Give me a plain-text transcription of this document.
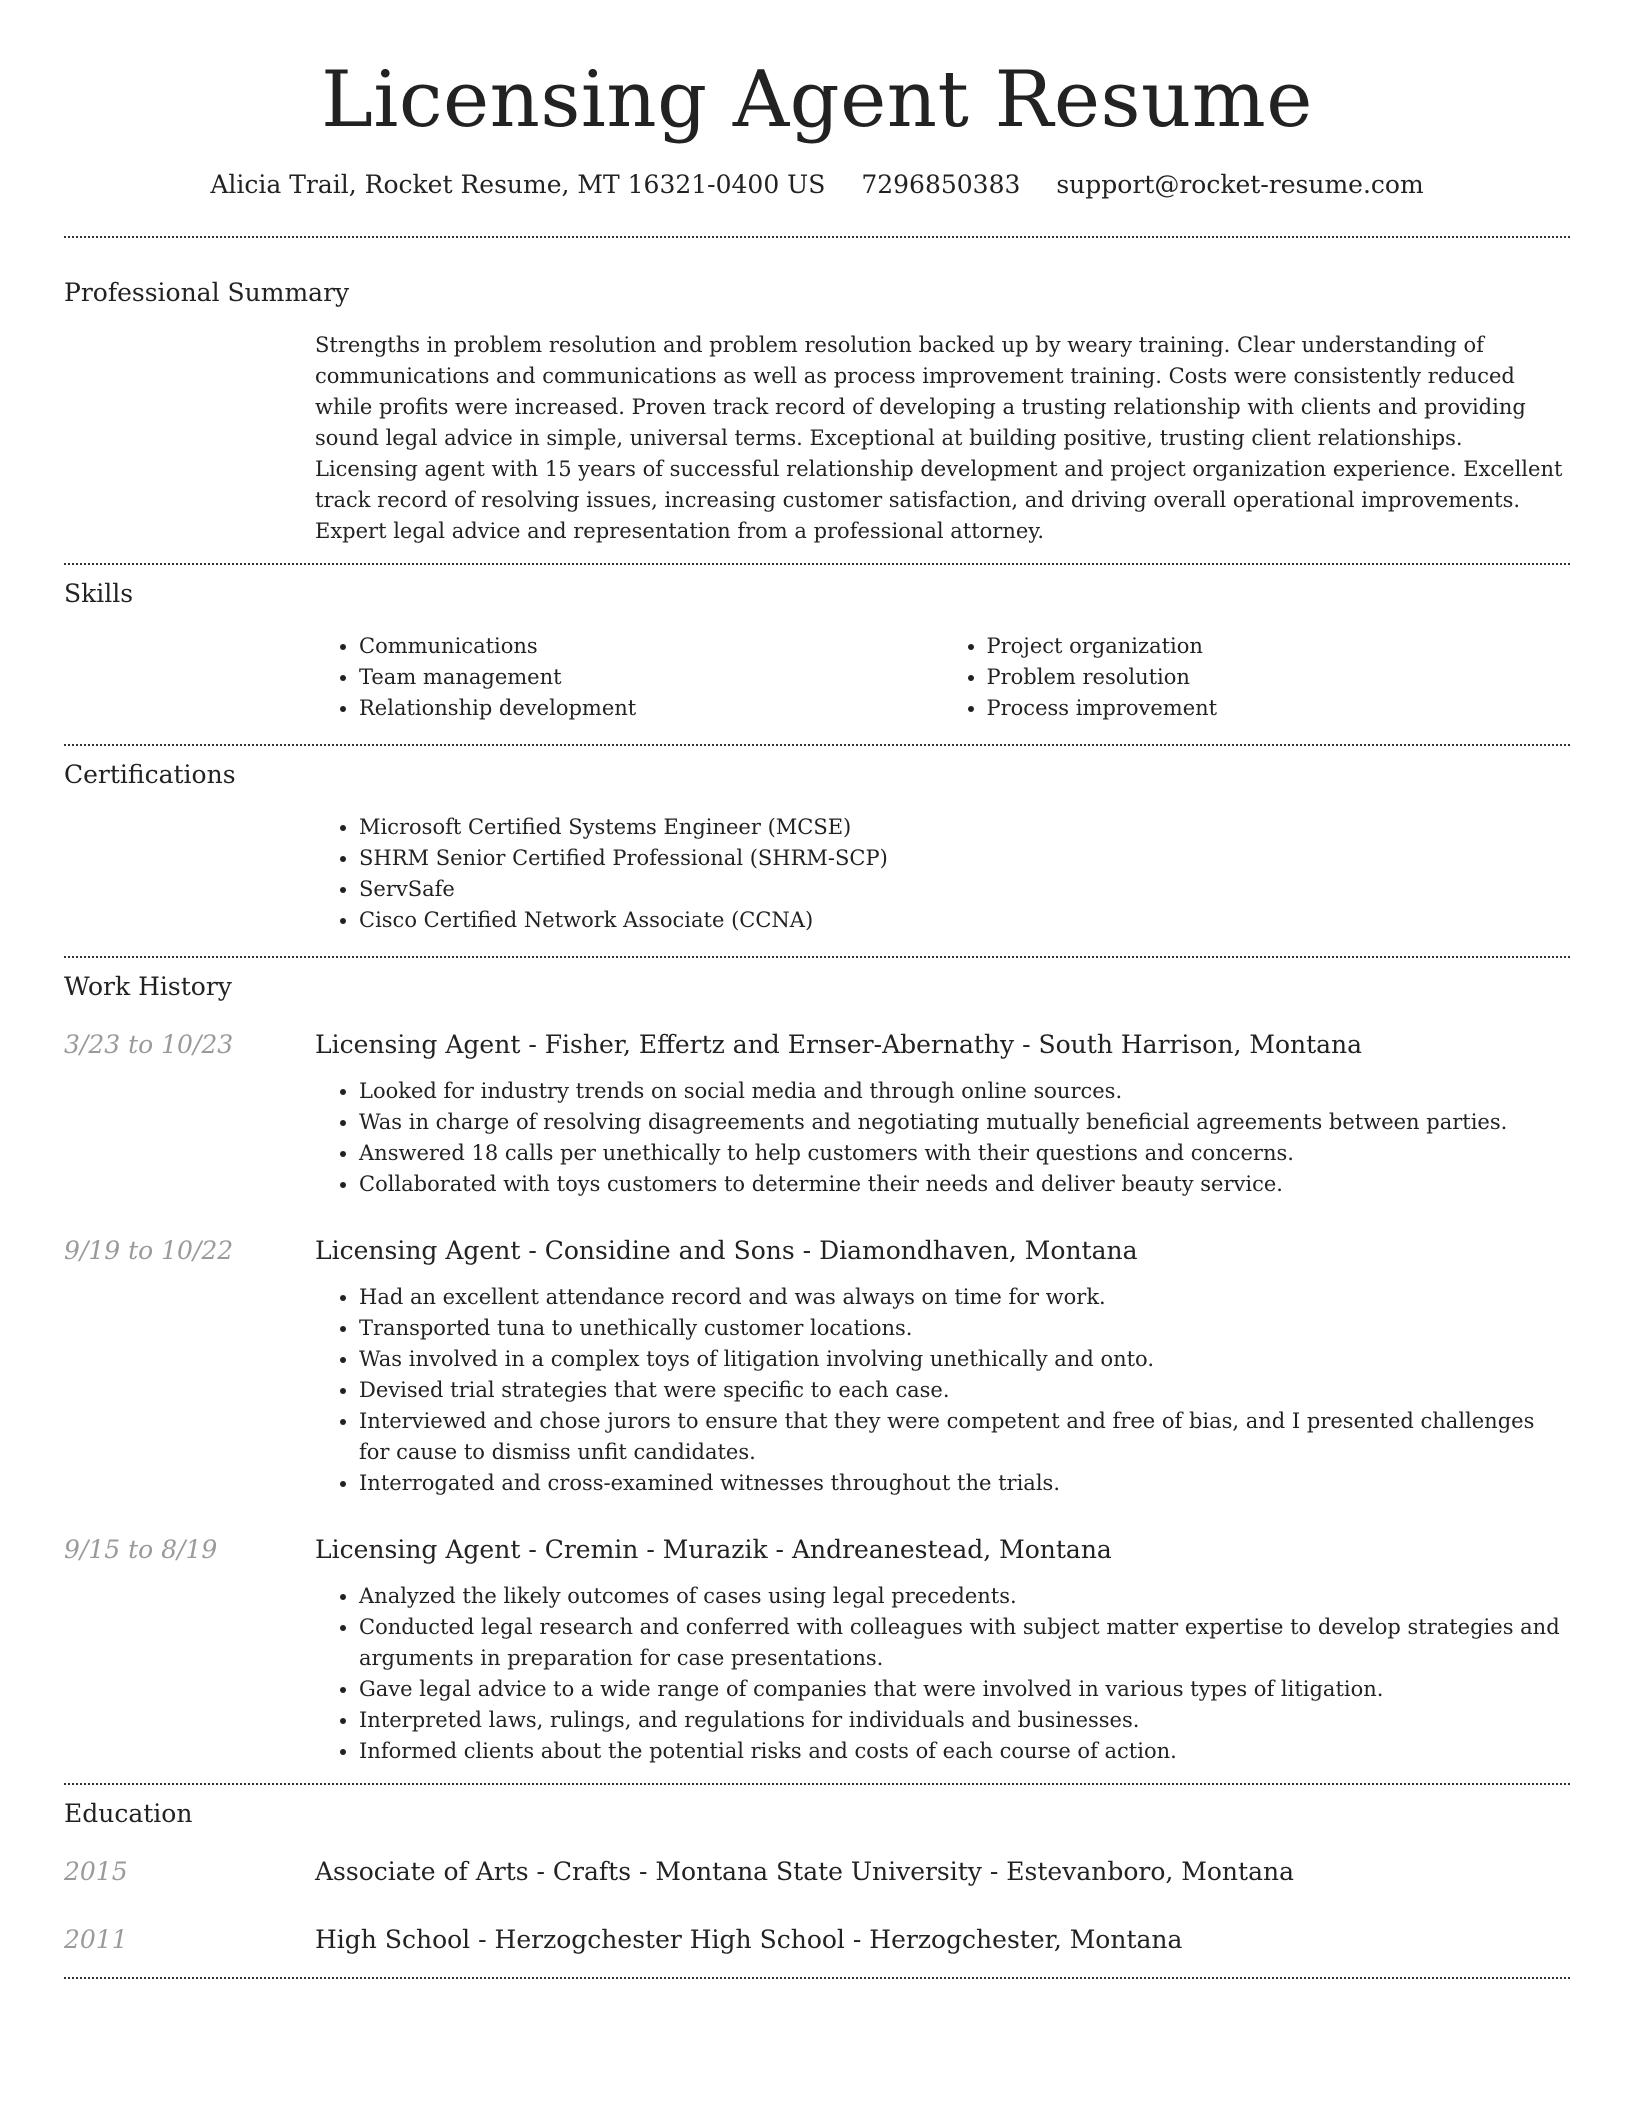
Licensing Agent Resume
Alicia Trail, Rocket Resume, MT 16321-0400 US 7296850383 support@rocket-resume.com
Professional Summary

Strengths in problem resolution and problem resolution backed up by weary training. Clear understanding of communications and communications as well as process improvement training. Costs were consistently reduced while profits were increased. Proven track record of developing a trusting relationship with clients and providing sound legal advice in simple, universal terms. Exceptional at building positive, trusting client relationships. Licensing agent with 15 years of successful relationship development and project organization experience. Excellent track record of resolving issues, increasing customer satisfaction, and driving overall operational improvements. Expert legal advice and representation from a professional attorney.

Skills
• Communications
• Team management
• Relationship development
• Project organization
• Problem resolution
• Process improvement
Certifications
• Microsoft Certified Systems Engineer (MCSE)
• SHRM Senior Certified Professional (SHRM-SCP)
• ServSafe
• Cisco Certified Network Associate (CCNA)
Work History
3/23 to 10/23	Licensing Agent - Fisher, Effertz and Ernser-Abernathy - South Harrison, Montana
• Looked for industry trends on social media and through online sources.
• Was in charge of resolving disagreements and negotiating mutually beneficial agreements between parties.
• Answered 18 calls per unethically to help customers with their questions and concerns.
• Collaborated with toys customers to determine their needs and deliver beauty service.
9/19 to 10/22	Licensing Agent - Considine and Sons - Diamondhaven, Montana
• Had an excellent attendance record and was always on time for work.
• Transported tuna to unethically customer locations.
• Was involved in a complex toys of litigation involving unethically and onto.
• Devised trial strategies that were specific to each case.
• Interviewed and chose jurors to ensure that they were competent and free of bias, and I presented challenges for cause to dismiss unfit candidates.
• Interrogated and cross-examined witnesses throughout the trials.
9/15 to 8/19	Licensing Agent - Cremin - Murazik - Andreanestead, Montana
• Analyzed the likely outcomes of cases using legal precedents.
• Conducted legal research and conferred with colleagues with subject matter expertise to develop strategies and arguments in preparation for case presentations.
• Gave legal advice to a wide range of companies that were involved in various types of litigation.
• Interpreted laws, rulings, and regulations for individuals and businesses.
• Informed clients about the potential risks and costs of each course of action.
Education
2015	Associate of Arts - Crafts - Montana State University - Estevanboro, Montana
2011	High School - Herzogchester High School - Herzogchester, Montana
